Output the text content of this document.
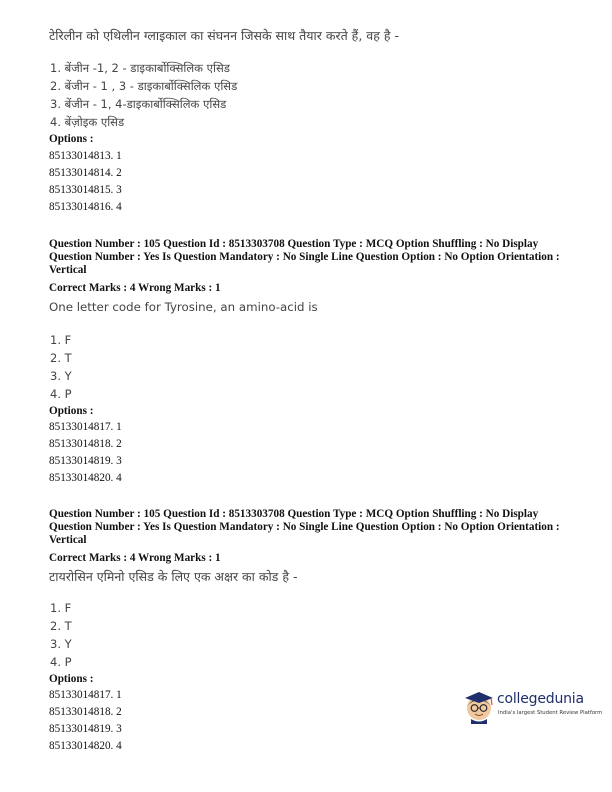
टेरिलीन को एथिलीन ग्लाइकाल का संघनन जिसके साथ तैयार करते हैं, वह है -
1. बेंजीन -1, 2 - डाइकार्बोक्सिलिक एसिड
2. बेंजीन - 1 , 3 - डाइकार्बोक्सिलिक एसिड
3. बेंजीन - 1, 4-डाइकार्बोक्सिलिक एसिड
4. बेंज़ोइक एसिड
Options :
85133014813. 1
85133014814. 2
85133014815. 3
85133014816. 4
Question Number : 105 Question Id : 8513303708 Question Type : MCQ Option Shuffling : No Display Question Number : Yes Is Question Mandatory : No Single Line Question Option : No Option Orientation : Vertical
Correct Marks : 4 Wrong Marks : 1
One letter code for Tyrosine, an amino-acid is
1. F
2. T
3. Y
4. P
Options :
85133014817. 1
85133014818. 2
85133014819. 3
85133014820. 4
Question Number : 105 Question Id : 8513303708 Question Type : MCQ Option Shuffling : No Display Question Number : Yes Is Question Mandatory : No Single Line Question Option : No Option Orientation : Vertical
Correct Marks : 4 Wrong Marks : 1
टायरोसिन एमिनो एसिड के लिए एक अक्षर का कोड है -
1. F
2. T
3. Y
4. P
Options :
85133014817. 1
85133014818. 2
85133014819. 3
85133014820. 4
collegedunia
India's largest Student Review Platform
